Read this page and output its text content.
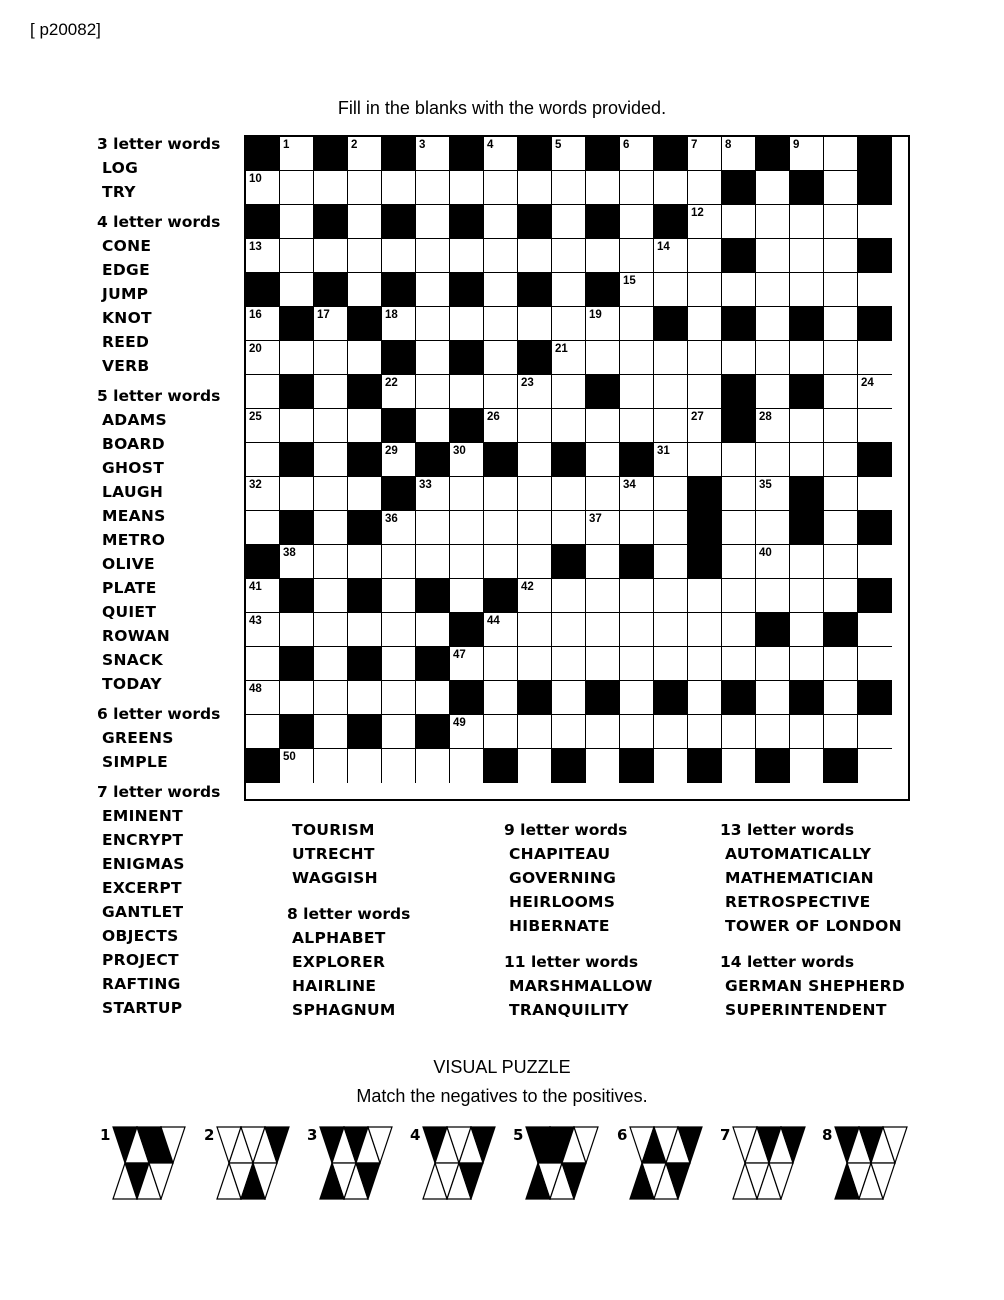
[ p20082]
Fill in the blanks with the words provided.
3 letter words
LOG
TRY
4 letter words
CONE
EDGE
JUMP
KNOT
REED
VERB
5 letter words
ADAMS
BOARD
GHOST
LAUGH
MEANS
METRO
OLIVE
PLATE
QUIET
ROWAN
SNACK
TODAY
6 letter words
GREENS
SIMPLE
7 letter words
EMINENT
ENCRYPT
ENIGMAS
EXCERPT
GANTLET
OBJECTS
PROJECT
RAFTING
STARTUP
1	2	3	4	5	6	7 8	9
10
12
13	14
15
16	17	18	19
20	21
22	23	24
25	26	27	28
29	30	31
32	33	34	35
36	37
38	40
41	42
43	44
47
48
49
50
TOURISM
UTRECHT
WAGGISH
8 letter words
ALPHABET
EXPLORER
HAIRLINE
SPHAGNUM
9 letter words
CHAPITEAU
GOVERNING
HEIRLOOMS
HIBERNATE
11 letter words
MARSHMALLOW
TRANQUILITY
13 letter words
AUTOMATICALLY
MATHEMATICIAN
RETROSPECTIVE
TOWER OF LONDON
14 letter words
GERMAN SHEPHERD
SUPERINTENDENT
VISUAL PUZZLE
Match the negatives to the positives.
1	2	3	4	5	6	7	8
